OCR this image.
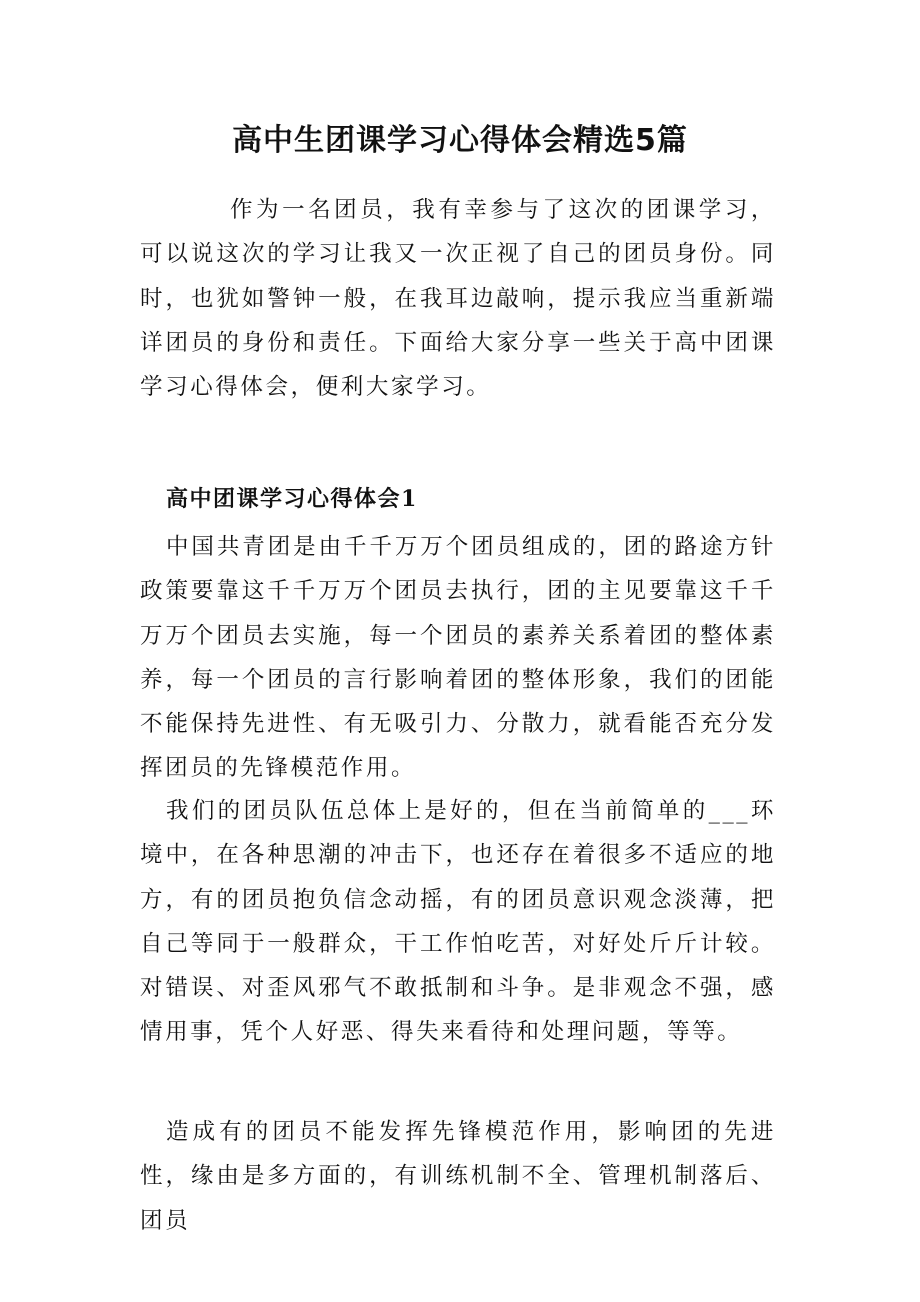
高中生团课学习心得体会精选5篇

作为一名团员，我有幸参与了这次的团课学习，可以说这次的学习让我又一次正视了自己的团员身份。同时，也犹如警钟一般，在我耳边敲响，提示我应当重新端详团员的身份和责任。下面给大家分享一些关于高中团课学习心得体会，便利大家学习。

高中团课学习心得体会1

中国共青团是由千千万万个团员组成的，团的路途方针政策要靠这千千万万个团员去执行，团的主见要靠这千千万万个团员去实施，每一个团员的素养关系着团的整体素养，每一个团员的言行影响着团的整体形象，我们的团能不能保持先进性、有无吸引力、分散力，就看能否充分发挥团员的先锋模范作用。

我们的团员队伍总体上是好的，但在当前简单的___环境中，在各种思潮的冲击下，也还存在着很多不适应的地方，有的团员抱负信念动摇，有的团员意识观念淡薄，把自己等同于一般群众，干工作怕吃苦，对好处斤斤计较。对错误、对歪风邪气不敢抵制和斗争。是非观念不强，感情用事，凭个人好恶、得失来看待和处理问题，等等。

造成有的团员不能发挥先锋模范作用，影响团的先进性，缘由是多方面的，有训练机制不全、管理机制落后、团员
